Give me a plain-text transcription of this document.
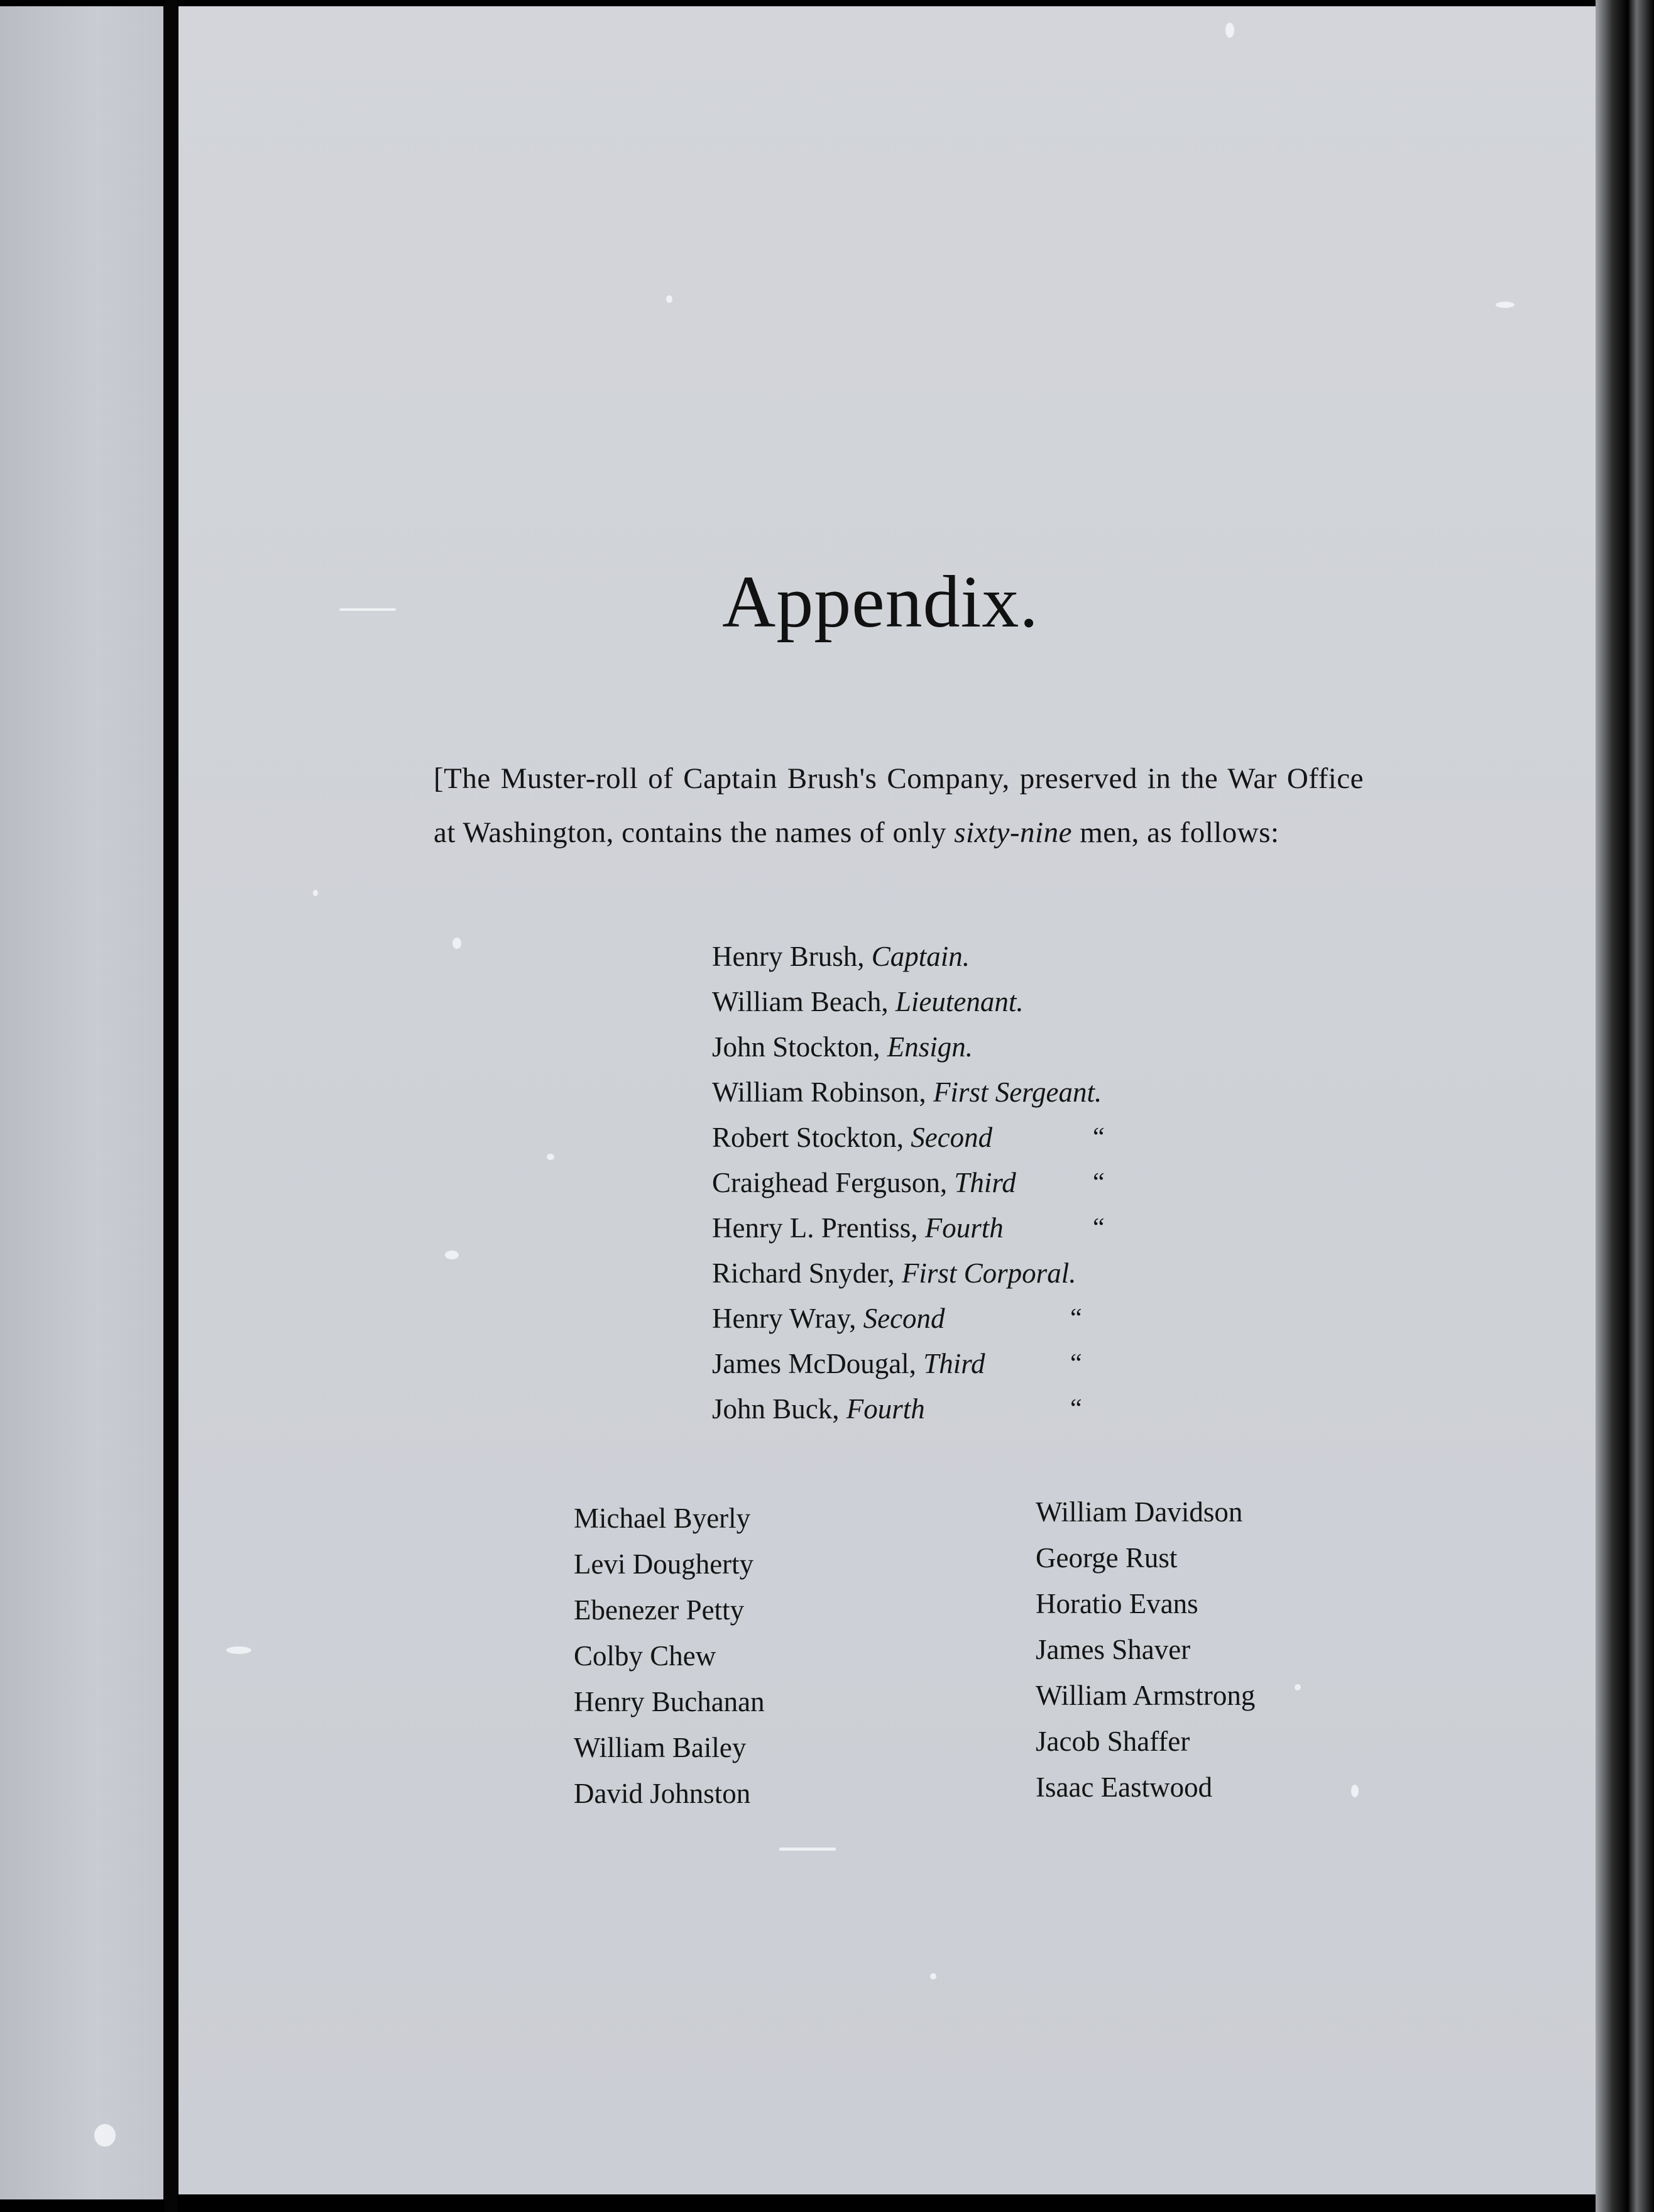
Appendix.
[The Muster-roll of Captain Brush's Company, preserved in the War Office at Washington, contains the names of only sixty-nine men, as follows:
Henry Brush, Captain.
William Beach, Lieutenant.
John Stockton, Ensign.
William Robinson, First Sergeant.
Robert Stockton, Second	“
Craighead Ferguson, Third	“
Henry L. Prentiss, Fourth	“
Richard Snyder, First Corporal.
Henry Wray, Second	“
James McDougal, Third	“
John Buck, Fourth	“
Michael Byerly
Levi Dougherty
Ebenezer Petty
Colby Chew
Henry Buchanan
William Bailey
David Johnston
William Davidson
George Rust
Horatio Evans
James Shaver
William Armstrong
Jacob Shaffer
Isaac Eastwood
